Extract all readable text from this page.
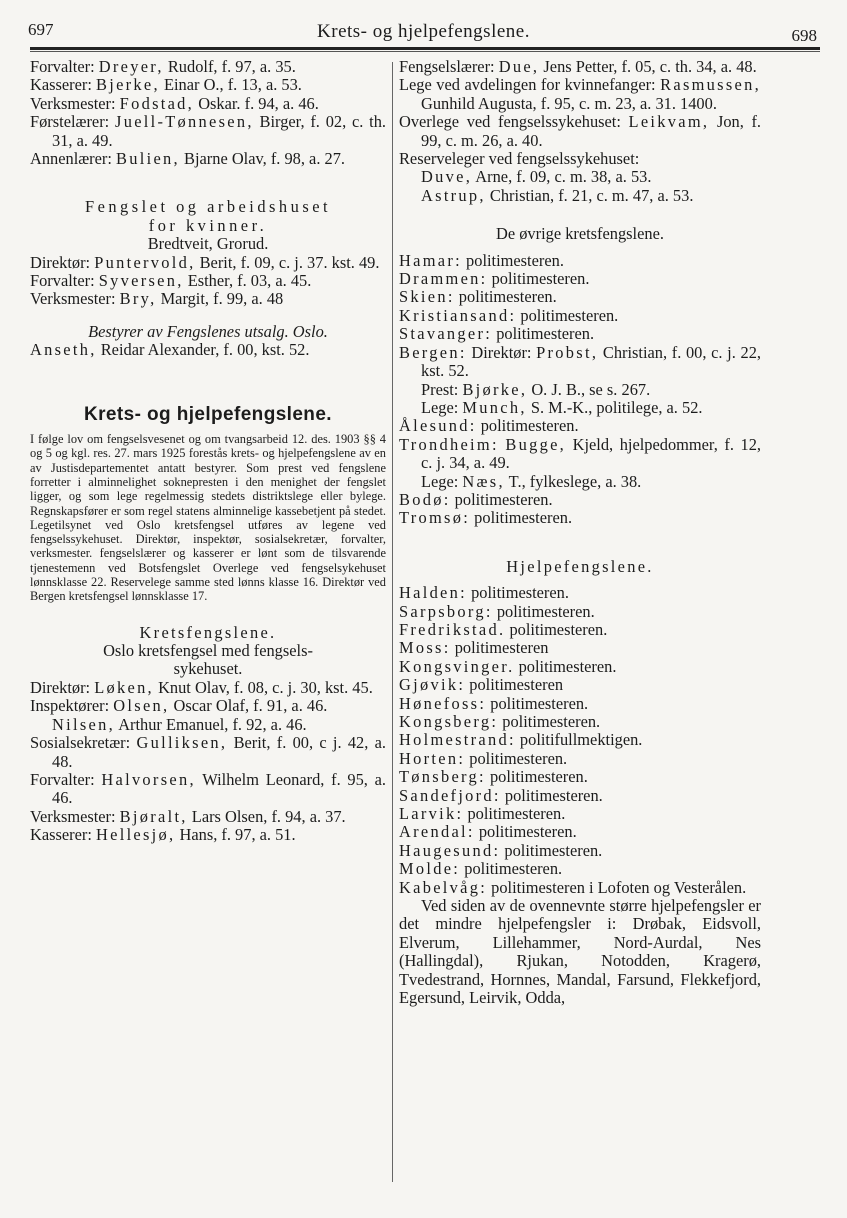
697	Krets- og hjelpefengslene.	698

Forvalter: Dreyer, Rudolf, f. 97, a. 35.

Kasserer: Bjerke, Einar O., f. 13, a. 53.

Verksmester: Fodstad, Oskar. f. 94, a. 46.

Førstelærer: Juell-Tønnesen, Birger, f. 02, c. th. 31, a. 49.

Annenlærer: Bulien, Bjarne Olav, f. 98, a. 27.

Fengslet og arbeidshuset

for kvinner.

Bredtveit, Grorud.

Direktør: Puntervold, Berit, f. 09, c. j. 37. kst. 49.

Forvalter: Syversen, Esther, f. 03, a. 45.

Verksmester: Bry, Margit, f. 99, a. 48

Bestyrer av Fengslenes utsalg. Oslo.

Anseth, Reidar Alexander, f. 00, kst. 52.

Krets- og hjelpefengslene.

I følge lov om fengselsvesenet og om tvangsarbeid 12. des. 1903 §§ 4 og 5 og kgl. res. 27. mars 1925 forestås krets- og hjelpefengslene av en av Justisdepartementet antatt bestyrer. Som prest ved fengslene forretter i alminnelighet soknepresten i den menighet der fengslet ligger, og som lege regelmessig stedets distriktslege eller bylege. Regnskapsfører er som regel statens alminnelige kassebetjent på stedet. Legetilsynet ved Oslo kretsfengsel utføres av legene ved fengselssykehuset. Direktør, inspektør, sosialsekretær, forvalter, verksmester. fengselslærer og kasserer er lønt som de tilsvarende tjenestemenn ved Botsfengslet Overlege ved fengselsykehuset lønnsklasse 22. Reservelege samme sted lønns klasse 16. Direktør ved Bergen kretsfengsel lønnsklasse 17.

Kretsfengslene.

Oslo kretsfengsel med fengsels-

sykehuset.

Direktør: Løken, Knut Olav, f. 08, c. j. 30, kst. 45.

Inspektører: Olsen, Oscar Olaf, f. 91, a. 46.

Nilsen, Arthur Emanuel, f. 92, a. 46.

Sosialsekretær: Gulliksen, Berit, f. 00, c j. 42, a. 48.

Forvalter: Halvorsen, Wilhelm Leonard, f. 95, a. 46.

Verksmester: Bjøralt, Lars Olsen, f. 94, a. 37.

Kasserer: Hellesjø, Hans, f. 97, a. 51.

Fengselslærer: Due, Jens Petter, f. 05, c. th. 34, a. 48.

Lege ved avdelingen for kvinnefanger: Rasmussen, Gunhild Augusta, f. 95, c. m. 23, a. 31. 1400.

Overlege ved fengselssykehuset: Leikvam, Jon, f. 99, c. m. 26, a. 40.

Reserveleger ved fengselssykehuset:

Duve, Arne, f. 09, c. m. 38, a. 53.

Astrup, Christian, f. 21, c. m. 47, a. 53.

De øvrige kretsfengslene.

Hamar: politimesteren.

Drammen: politimesteren.

Skien: politimesteren.

Kristiansand: politimesteren.

Stavanger: politimesteren.

Bergen: Direktør: Probst, Christian, f. 00, c. j. 22, kst. 52.

Prest: Bjørke, O. J. B., se s. 267.

Lege: Munch, S. M.-K., politilege, a. 52.

Ålesund: politimesteren.

Trondheim: Bugge, Kjeld, hjelpedommer, f. 12, c. j. 34, a. 49.

Lege: Næs, T., fylkeslege, a. 38.

Bodø: politimesteren.

Tromsø: politimesteren.

Hjelpefengslene.

Halden: politimesteren.

Sarpsborg: politimesteren.

Fredrikstad. politimesteren.

Moss: politimesteren

Kongsvinger. politimesteren.

Gjøvik: politimesteren

Hønefoss: politimesteren.

Kongsberg: politimesteren.

Holmestrand: politifullmektigen.

Horten: politimesteren.

Tønsberg: politimesteren.

Sandefjord: politimesteren.

Larvik: politimesteren.

Arendal: politimesteren.

Haugesund: politimesteren.

Molde: politimesteren.

Kabelvåg: politimesteren i Lofoten og Vesterålen.

Ved siden av de ovennevnte større hjelpefengsler er det mindre hjelpefengsler i: Drøbak, Eidsvoll, Elverum, Lillehammer, Nord-Aurdal, Nes (Hallingdal), Rjukan, Notodden, Kragerø, Tvedestrand, Hornnes, Mandal, Farsund, Flekkefjord, Egersund, Leirvik, Odda,
